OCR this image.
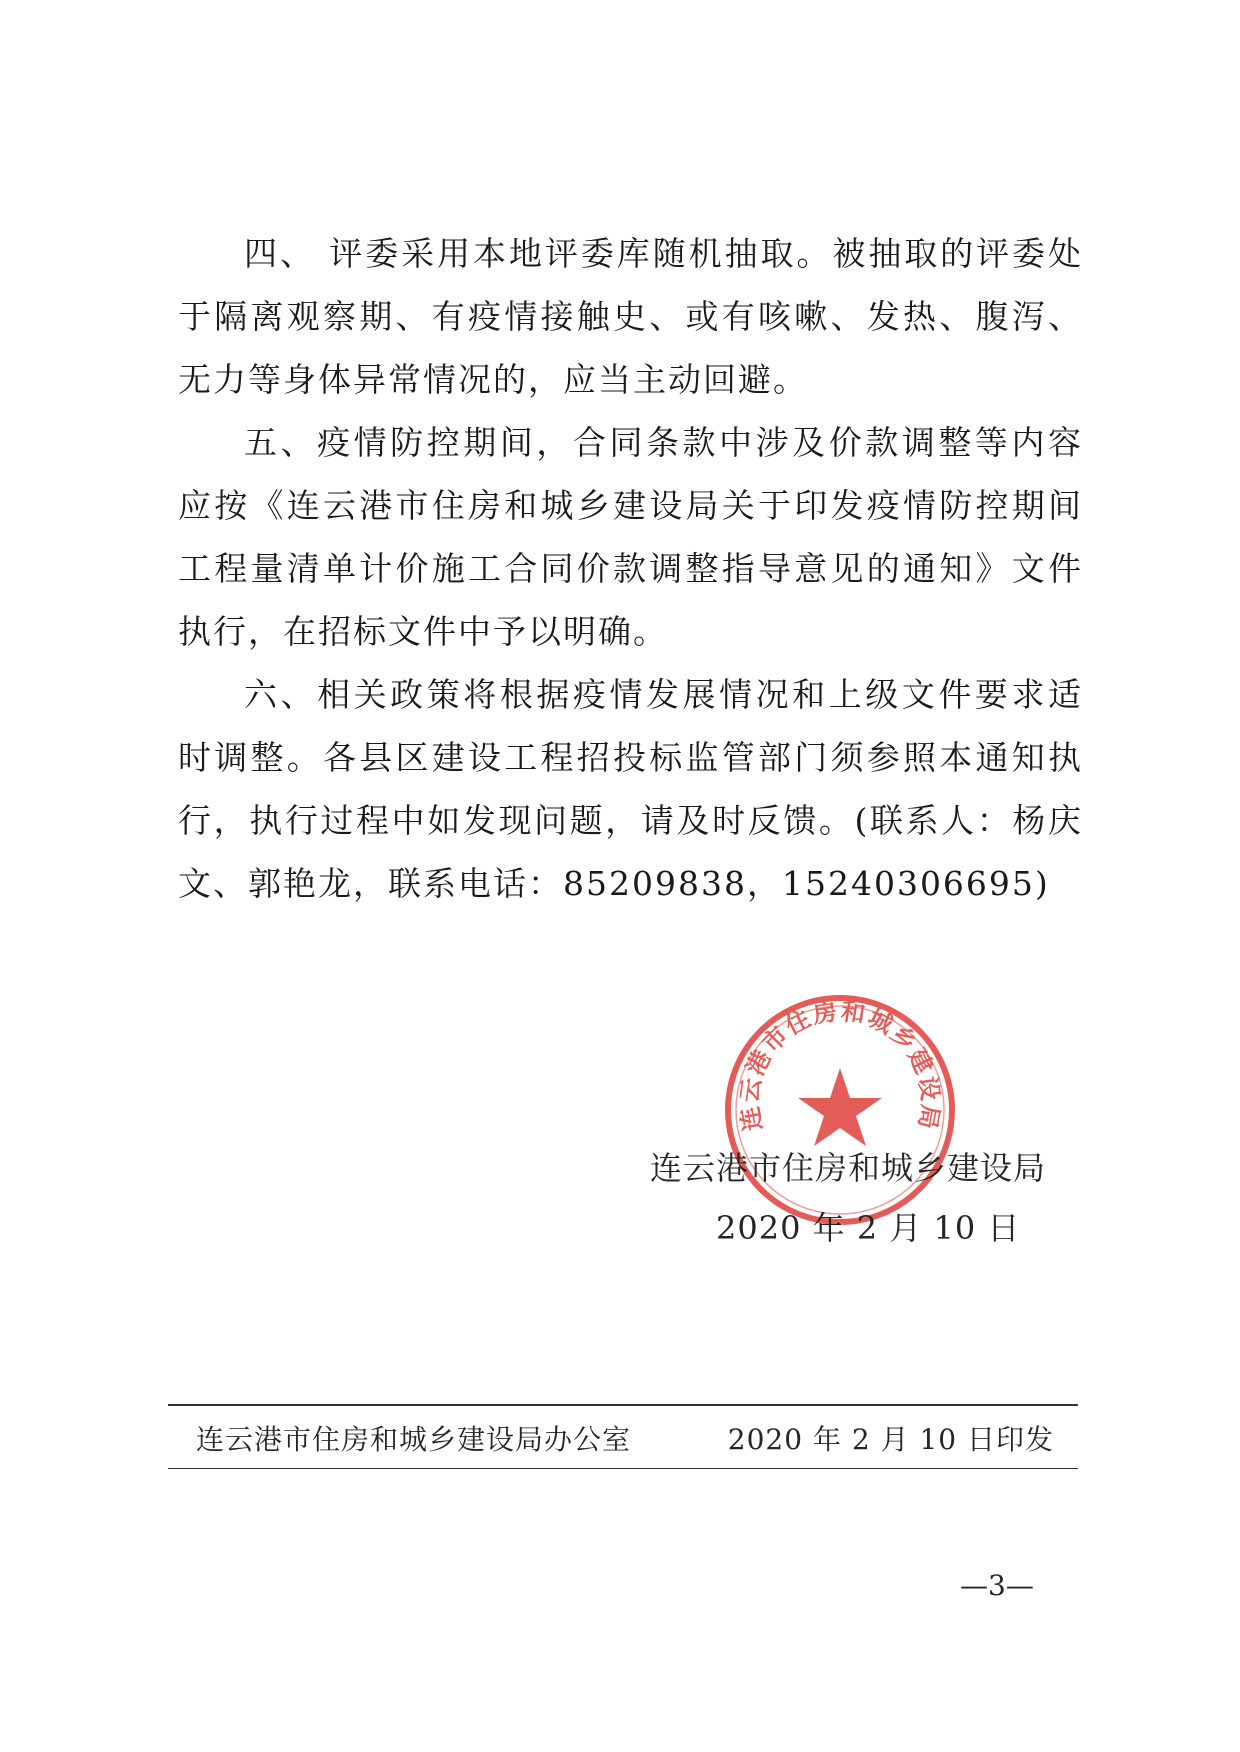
四、 评委采用本地评委库随机抽取。被抽取的评委处于隔离观察期、有疫情接触史、或有咳嗽、发热、腹泻、无力等身体异常情况的，应当主动回避。

五、疫情防控期间，合同条款中涉及价款调整等内容应按《连云港市住房和城乡建设局关于印发疫情防控期间工程量清单计价施工合同价款调整指导意见的通知》文件执行，在招标文件中予以明确。

六、相关政策将根据疫情发展情况和上级文件要求适时调整。各县区建设工程招投标监管部门须参照本通知执行，执行过程中如发现问题，请及时反馈。(联系人：杨庆文、郭艳龙，联系电话：85209838，15240306695)

连云港市住房和城乡建设局
连云港市住房和城乡建设局
2020 年 2 月 10 日
连云港市住房和城乡建设局办公室	2020 年 2 月 10 日印发
—3—
